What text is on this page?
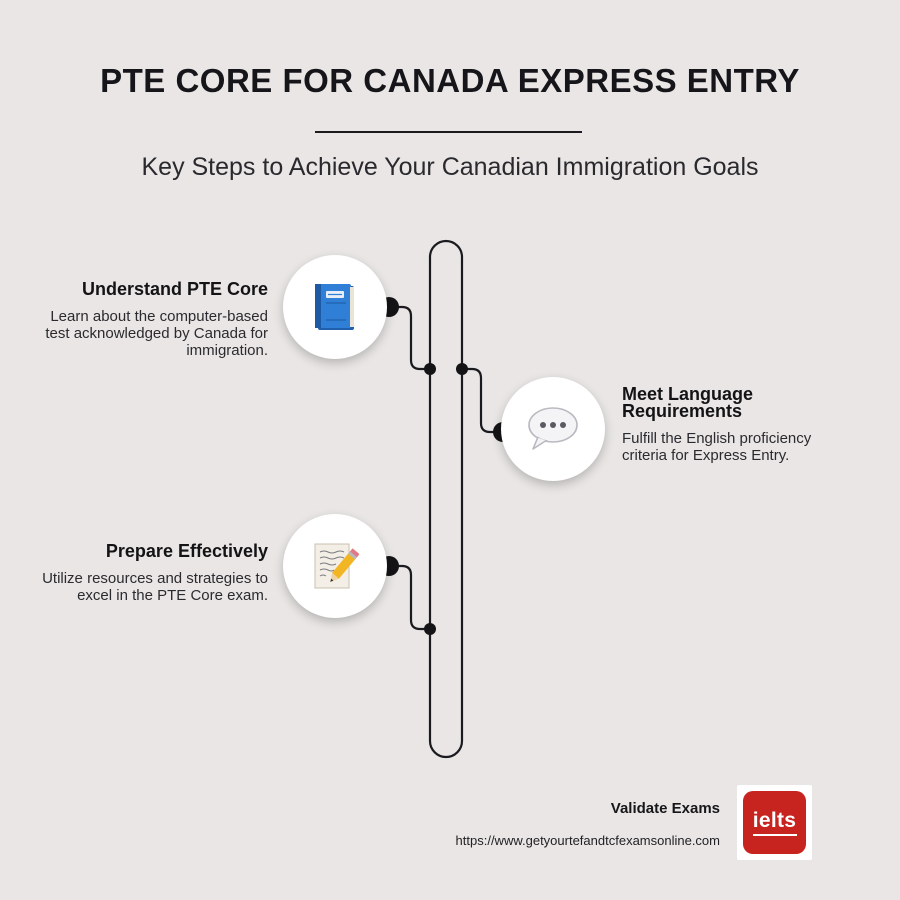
PTE CORE FOR CANADA EXPRESS ENTRY
Key Steps to Achieve Your Canadian Immigration Goals
Understand PTE Core

Learn about the computer-based test acknowledged by Canada for immigration.

Meet Language Requirements

Fulfill the English proficiency criteria for Express Entry.

Prepare Effectively

Utilize resources and strategies to excel in the PTE Core exam.

Validate Exams
https://www.getyourtefandtcfexamsonline.com
ielts
